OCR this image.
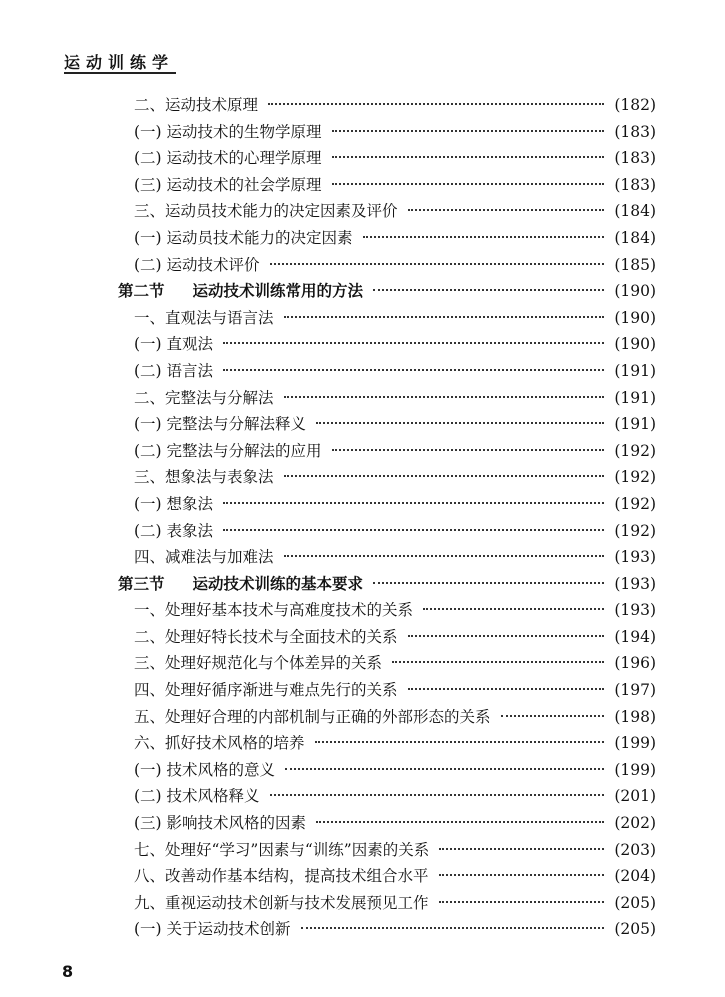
运动训练学
二、运动技术原理	(182)
(一) 运动技术的生物学原理	(183)
(二) 运动技术的心理学原理	(183)
(三) 运动技术的社会学原理	(183)
三、运动员技术能力的决定因素及评价	(184)
(一) 运动员技术能力的决定因素	(184)
(二) 运动技术评价	(185)
第二节 运动技术训练常用的方法	(190)
一、直观法与语言法	(190)
(一) 直观法	(190)
(二) 语言法	(191)
二、完整法与分解法	(191)
(一) 完整法与分解法释义	(191)
(二) 完整法与分解法的应用	(192)
三、想象法与表象法	(192)
(一) 想象法	(192)
(二) 表象法	(192)
四、减难法与加难法	(193)
第三节 运动技术训练的基本要求	(193)
一、处理好基本技术与高难度技术的关系	(193)
二、处理好特长技术与全面技术的关系	(194)
三、处理好规范化与个体差异的关系	(196)
四、处理好循序渐进与难点先行的关系	(197)
五、处理好合理的内部机制与正确的外部形态的关系	(198)
六、抓好技术风格的培养	(199)
(一) 技术风格的意义	(199)
(二) 技术风格释义	(201)
(三) 影响技术风格的因素	(202)
七、处理好“学习”因素与“训练”因素的关系	(203)
八、改善动作基本结构，提高技术组合水平	(204)
九、重视运动技术创新与技术发展预见工作	(205)
(一) 关于运动技术创新	(205)
8
